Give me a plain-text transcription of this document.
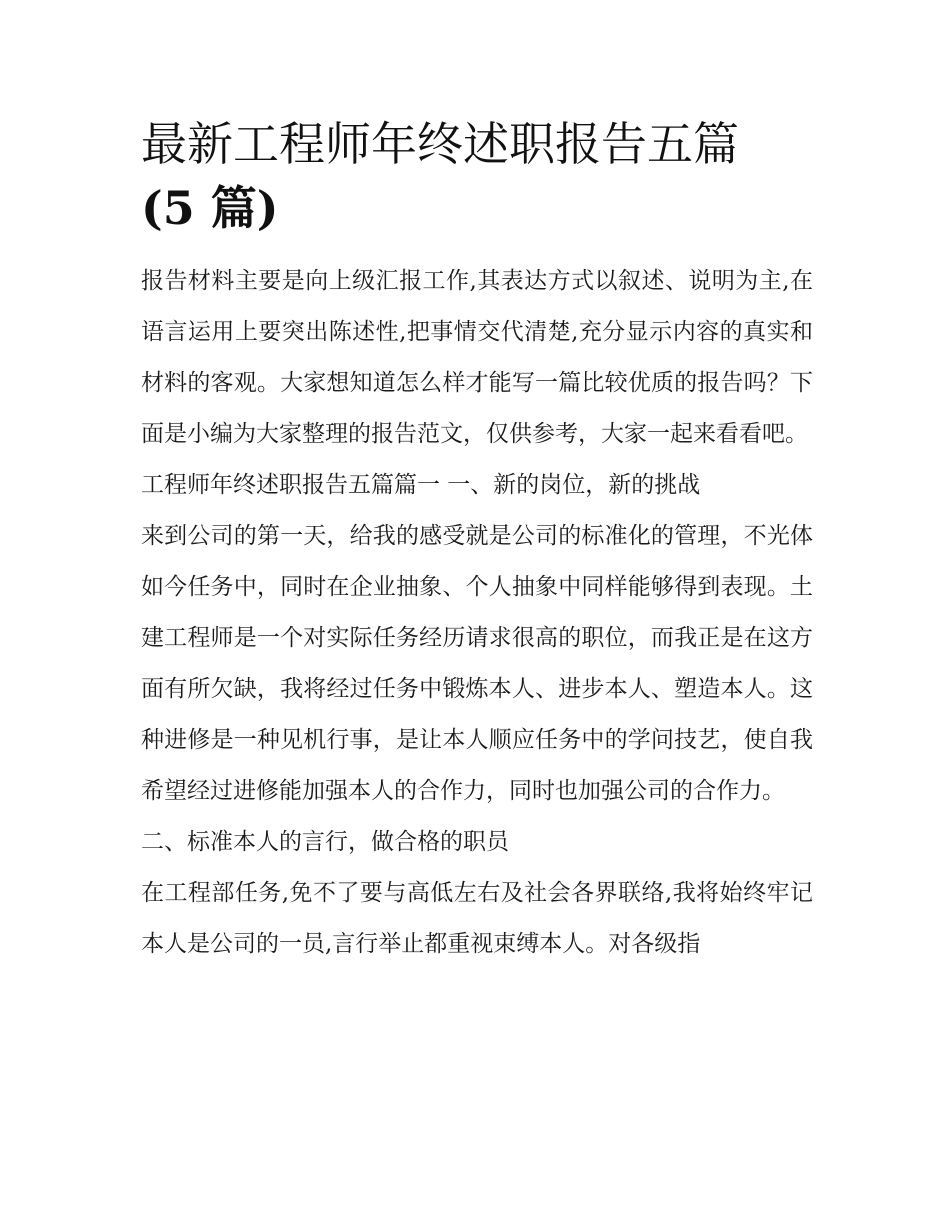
最新工程师年终述职报告五篇
(5 篇)

报告材料主要是向上级汇报工作,其表达方式以叙述、说明为主,在语言运用上要突出陈述性,把事情交代清楚,充分显示内容的真实和材料的客观。大家想知道怎么样才能写一篇比较优质的报告吗？下面是小编为大家整理的报告范文，仅供参考，大家一起来看看吧。

工程师年终述职报告五篇篇一 一、新的岗位，新的挑战

来到公司的第一天，给我的感受就是公司的标准化的管理，不光体如今任务中，同时在企业抽象、个人抽象中同样能够得到表现。土建工程师是一个对实际任务经历请求很高的职位，而我正是在这方面有所欠缺，我将经过任务中锻炼本人、进步本人、塑造本人。这种进修是一种见机行事，是让本人顺应任务中的学问技艺，使自我希望经过进修能加强本人的合作力，同时也加强公司的合作力。

二、标准本人的言行，做合格的职员

在工程部任务,免不了要与高低左右及社会各界联络,我将始终牢记本人是公司的一员,言行举止都重视束缚本人。对各级指
